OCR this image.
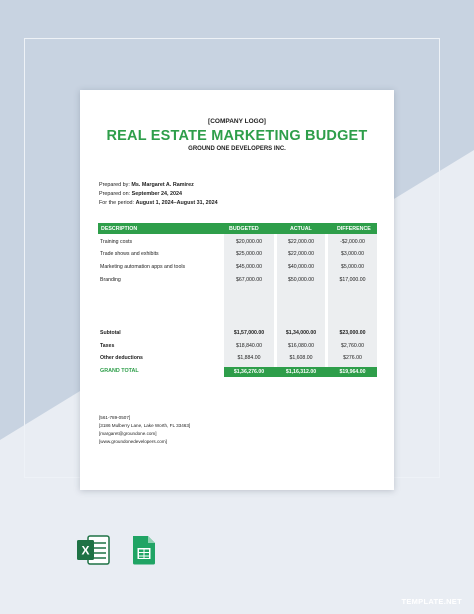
[COMPANY LOGO]
REAL ESTATE MARKETING BUDGET
GROUND ONE DEVELOPERS INC.
Prepared by: Ms. Margaret A. Ramirez
Prepared on: September 24, 2024
For the period: August 1, 2024–August 31, 2024
DESCRIPTION	BUDGETED	ACTUAL	DIFFERENCE
Training costs	$20,000.00	$22,000.00	-$2,000.00
Trade shows and exhibits	$25,000.00	$22,000.00	$3,000.00
Marketing automation apps and tools	$45,000.00	$40,000.00	$5,000.00
Branding	$67,000.00	$50,000.00	$17,000.00
Subtotal	$1,57,000.00	$1,34,000.00	$23,000.00
Taxes	$18,840.00	$16,080.00	$2,760.00
Other deductions	$1,884.00	$1,608.00	$276.00
GRAND TOTAL	$1,36,276.00	$1,16,312.00	$19,964.00
[561-789-0507]
[3186 Mulberry Lane, Lake Worth, FL 33463]
[margaret@groundone.com]
[www.groundonedevelopers.com]
X
TEMPLATE.NET
